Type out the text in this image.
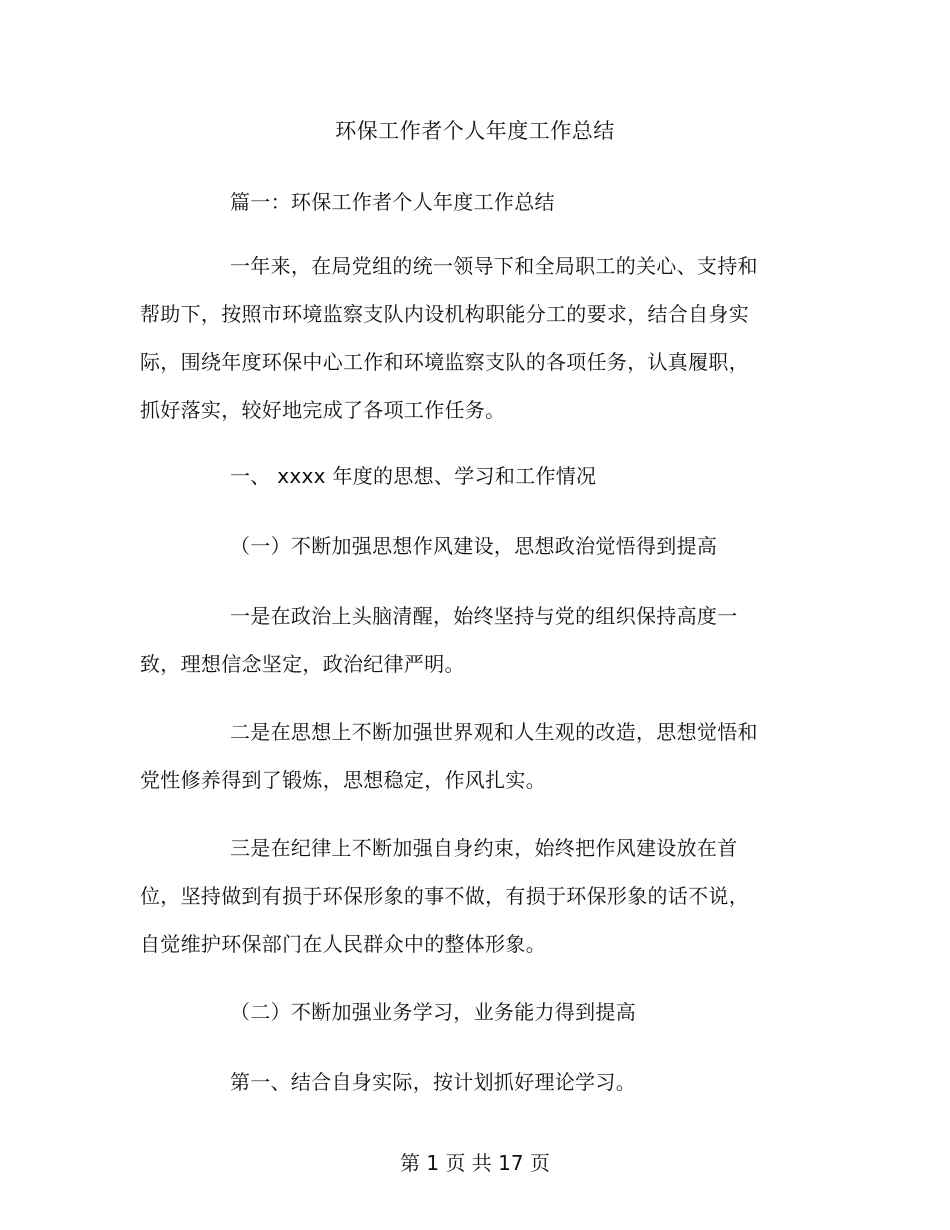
环保工作者个人年度工作总结
篇一：环保工作者个人年度工作总结
一年来，在局党组的统一领导下和全局职工的关心、支持和
帮助下，按照市环境监察支队内设机构职能分工的要求，结合自身实
际，围绕年度环保中心工作和环境监察支队的各项任务，认真履职，
抓好落实，较好地完成了各项工作任务。
一、 xxxx 年度的思想、学习和工作情况
（一）不断加强思想作风建设，思想政治觉悟得到提高
一是在政治上头脑清醒，始终坚持与党的组织保持高度一
致，理想信念坚定，政治纪律严明。
二是在思想上不断加强世界观和人生观的改造，思想觉悟和
党性修养得到了锻炼，思想稳定，作风扎实。
三是在纪律上不断加强自身约束，始终把作风建设放在首
位，坚持做到有损于环保形象的事不做，有损于环保形象的话不说，
自觉维护环保部门在人民群众中的整体形象。
（二）不断加强业务学习，业务能力得到提高
第一、结合自身实际，按计划抓好理论学习。
第 1 页 共 17 页
